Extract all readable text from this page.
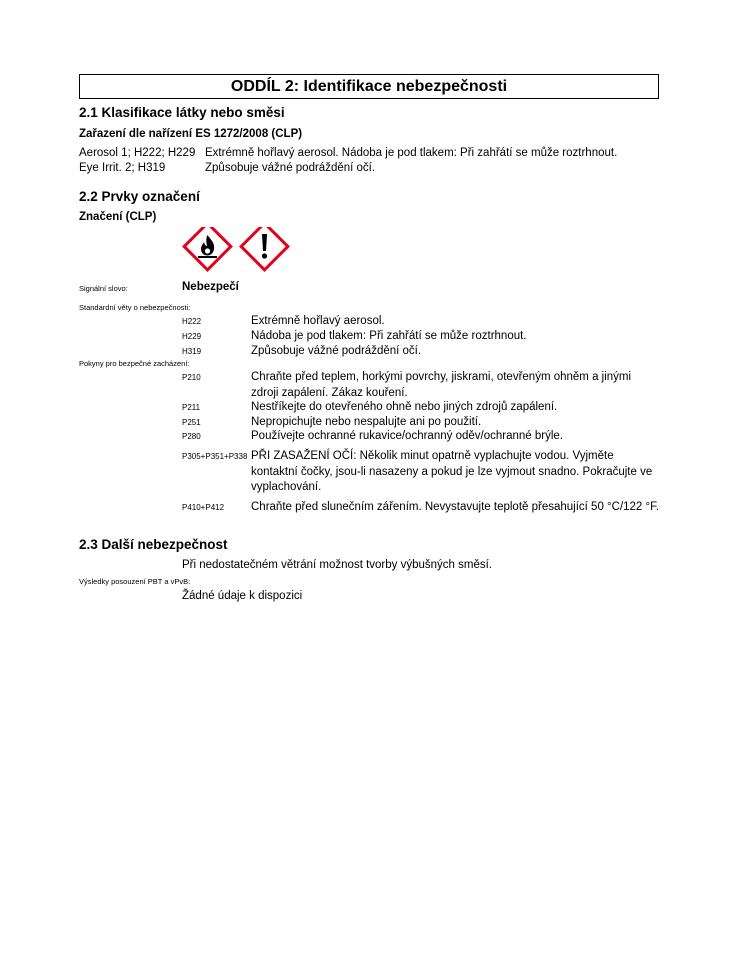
ODDÍL 2: Identifikace nebezpečnosti
2.1 Klasifikace látky nebo směsi
Zařazení dle nařízení ES 1272/2008 (CLP)
Aerosol 1; H222; H229 Extrémně hořlavý aerosol. Nádoba je pod tlakem: Při zahřátí se může roztrhnout.
Eye Irrit. 2; H319	Způsobuje vážné podráždění očí.
2.2 Prvky označení
Značení (CLP)
Signální slovo:	Nebezpečí
Standardní věty o nebezpečnosti:
H222	Extrémně hořlavý aerosol.
H229	Nádoba je pod tlakem: Při zahřátí se může roztrhnout.
H319	Způsobuje vážné podráždění očí.
Pokyny pro bezpečné zacházení:
P210	Chraňte před teplem, horkými povrchy, jiskrami, otevřeným ohněm a jinými zdroji zapálení. Zákaz kouření.
P211	Nestříkejte do otevřeného ohně nebo jiných zdrojů zapálení.
P251	Nepropichujte nebo nespalujte ani po použití.
P280	Používejte ochranné rukavice/ochranný oděv/ochranné brýle.
P305+P351+P338 PŘI ZASAŽENÍ OČÍ: Několik minut opatrně vyplachujte vodou. Vyjměte kontaktní čočky, jsou-li nasazeny a pokud je lze vyjmout snadno. Pokračujte ve vyplachování.
P410+P412 Chraňte před slunečním zářením. Nevystavujte teplotě přesahující 50 °C/122 °F.
2.3 Další nebezpečnost
Při nedostatečném větrání možnost tvorby výbušných směsí.
Výsledky posouzení PBT a vPvB:
Žádné údaje k dispozici
